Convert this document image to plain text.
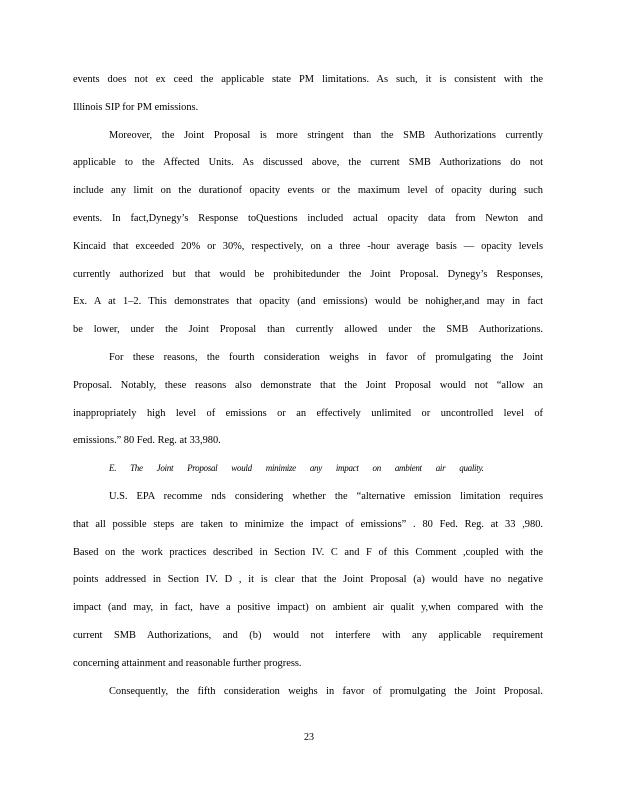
events does not ex ceed the applicable state PM limitations. As such, it is consistent with the
Illinois SIP for PM emissions.
Moreover, the Joint Proposal is more stringent than the SMB Authorizations currently
applicable to the Affected Units. As discussed above, the current SMB Authorizations do not
include any limit on the durationof opacity events or the maximum level of opacity during such
events. In fact,Dynegy’s Response toQuestions included actual opacity data from Newton and
Kincaid that exceeded 20% or 30%, respectively, on a three -hour average basis — opacity levels
currently authorized but that would be prohibitedunder the Joint Proposal. Dynegy’s Responses,
Ex. A at 1–2. This demonstrates that opacity (and emissions) would be nohigher,and may in fact
be lower, under the Joint Proposal than currently allowed under the SMB Authorizations.
For these reasons, the fourth consideration weighs in favor of promulgating the Joint
Proposal. Notably, these reasons also demonstrate that the Joint Proposal would not “allow an
inappropriately high level of emissions or an effectively unlimited or uncontrolled level of
emissions.” 80 Fed. Reg. at 33,980.
E. The Joint Proposal would minimize any impact on ambient air quality.
U.S. EPA recomme nds considering whether the “alternative emission limitation requires
that all possible steps are taken to minimize the impact of emissions” . 80 Fed. Reg. at 33 ,980.
Based on the work practices described in Section IV. C and F of this Comment ,coupled with the
points addressed in Section IV. D , it is clear that the Joint Proposal (a) would have no negative
impact (and may, in fact, have a positive impact) on ambient air qualit y,when compared with the
current SMB Authorizations, and (b) would not interfere with any applicable requirement
concerning attainment and reasonable further progress.
Consequently, the fifth consideration weighs in favor of promulgating the Joint Proposal.
23
